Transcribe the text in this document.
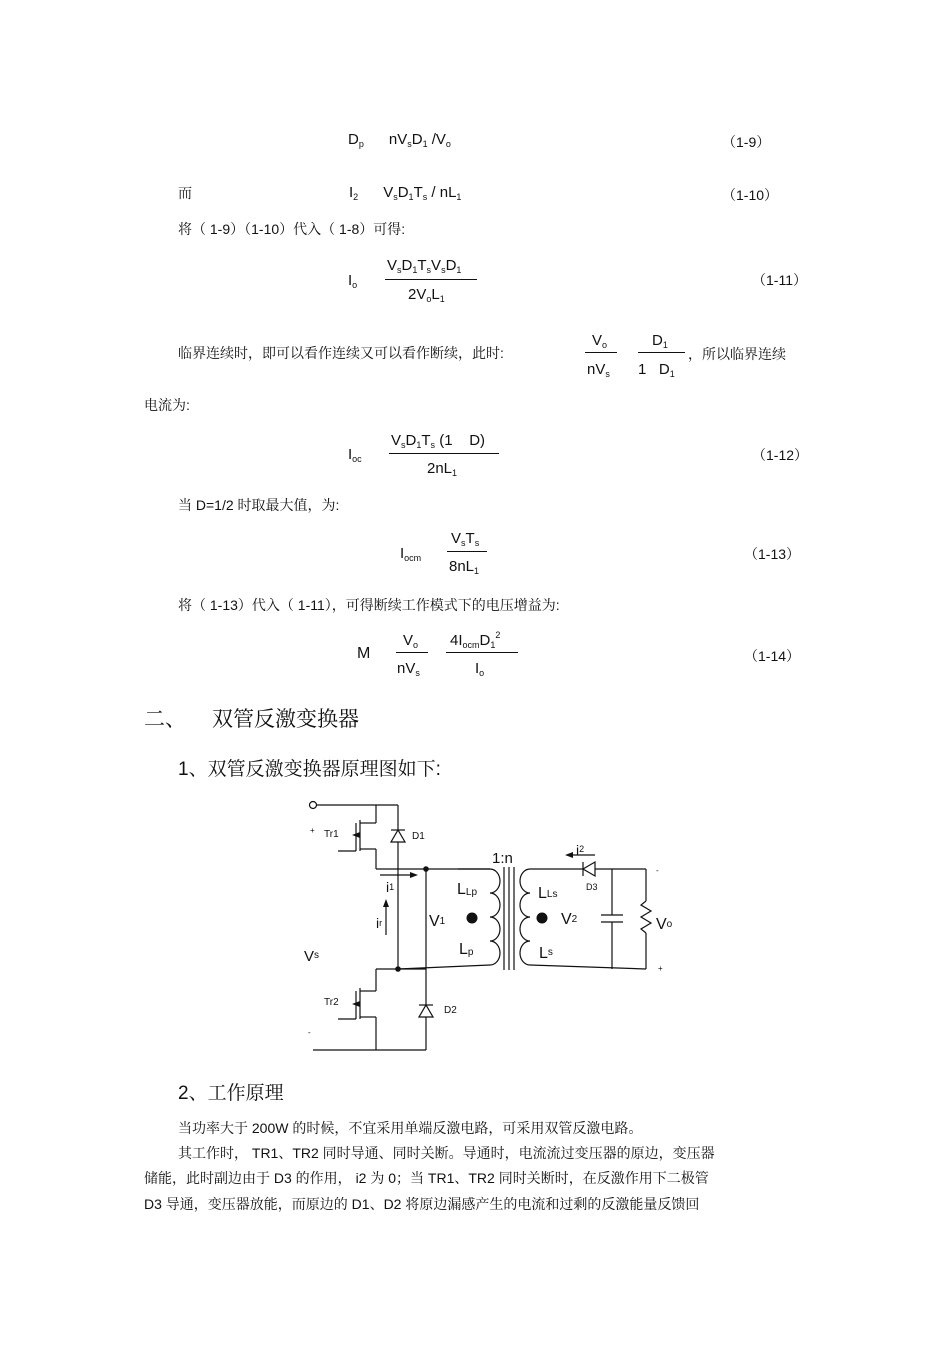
$D_p$      $nV_sD_1$ $/V_o$	（1-9）
而	$I_2$      $V_sD_1T_s / nL_1$	（1-10）
将（ 1-9）（1-10）代入（ 1-8）可得:
$I_o$
$V_sD_1T_sV_sD_1$
$2V_oL_1$
（1-11）
临界连续时，即可以看作连续又可以看作断续，此时:
$V_o$
$nV_s$
$D_1$
1   $D_1$
，所以临界连续
电流为:
$I_{oc}$
$V_sD_1T_s$ (1    D)
$2nL_1$
（1-12）
当 D=1/2 时取最大值，为:
$I_{ocm}$
$V_sT_s$
$8nL_1$
（1-13）
将（ 1-13）代入（ 1-11），可得断续工作模式下的电压增益为:
M
$V_o$
$nV_s$
$4I_{ocm}D_1^2$
$I_o$
（1-14）
二、 双管反激变换器
1、双管反激变换器原理图如下:
+ Tr1	D1
1:n	$i^2$
D3
i1
ir	V1
LLp
Lp
LLs
V2
Ls
-
Vo
+
$V^s$
Tr2
D2
-
2、工作原理
当功率大于 200W 的时候，不宜采用单端反激电路，可采用双管反激电路。
其工作时， TR1、TR2 同时导通、同时关断。导通时，电流流过变压器的原边，变压器
储能，此时副边由于 D3 的作用， i2 为 0；当 TR1、TR2 同时关断时，在反激作用下二极管
D3 导通，变压器放能，而原边的 D1、D2 将原边漏感产生的电流和过剩的反激能量反馈回
